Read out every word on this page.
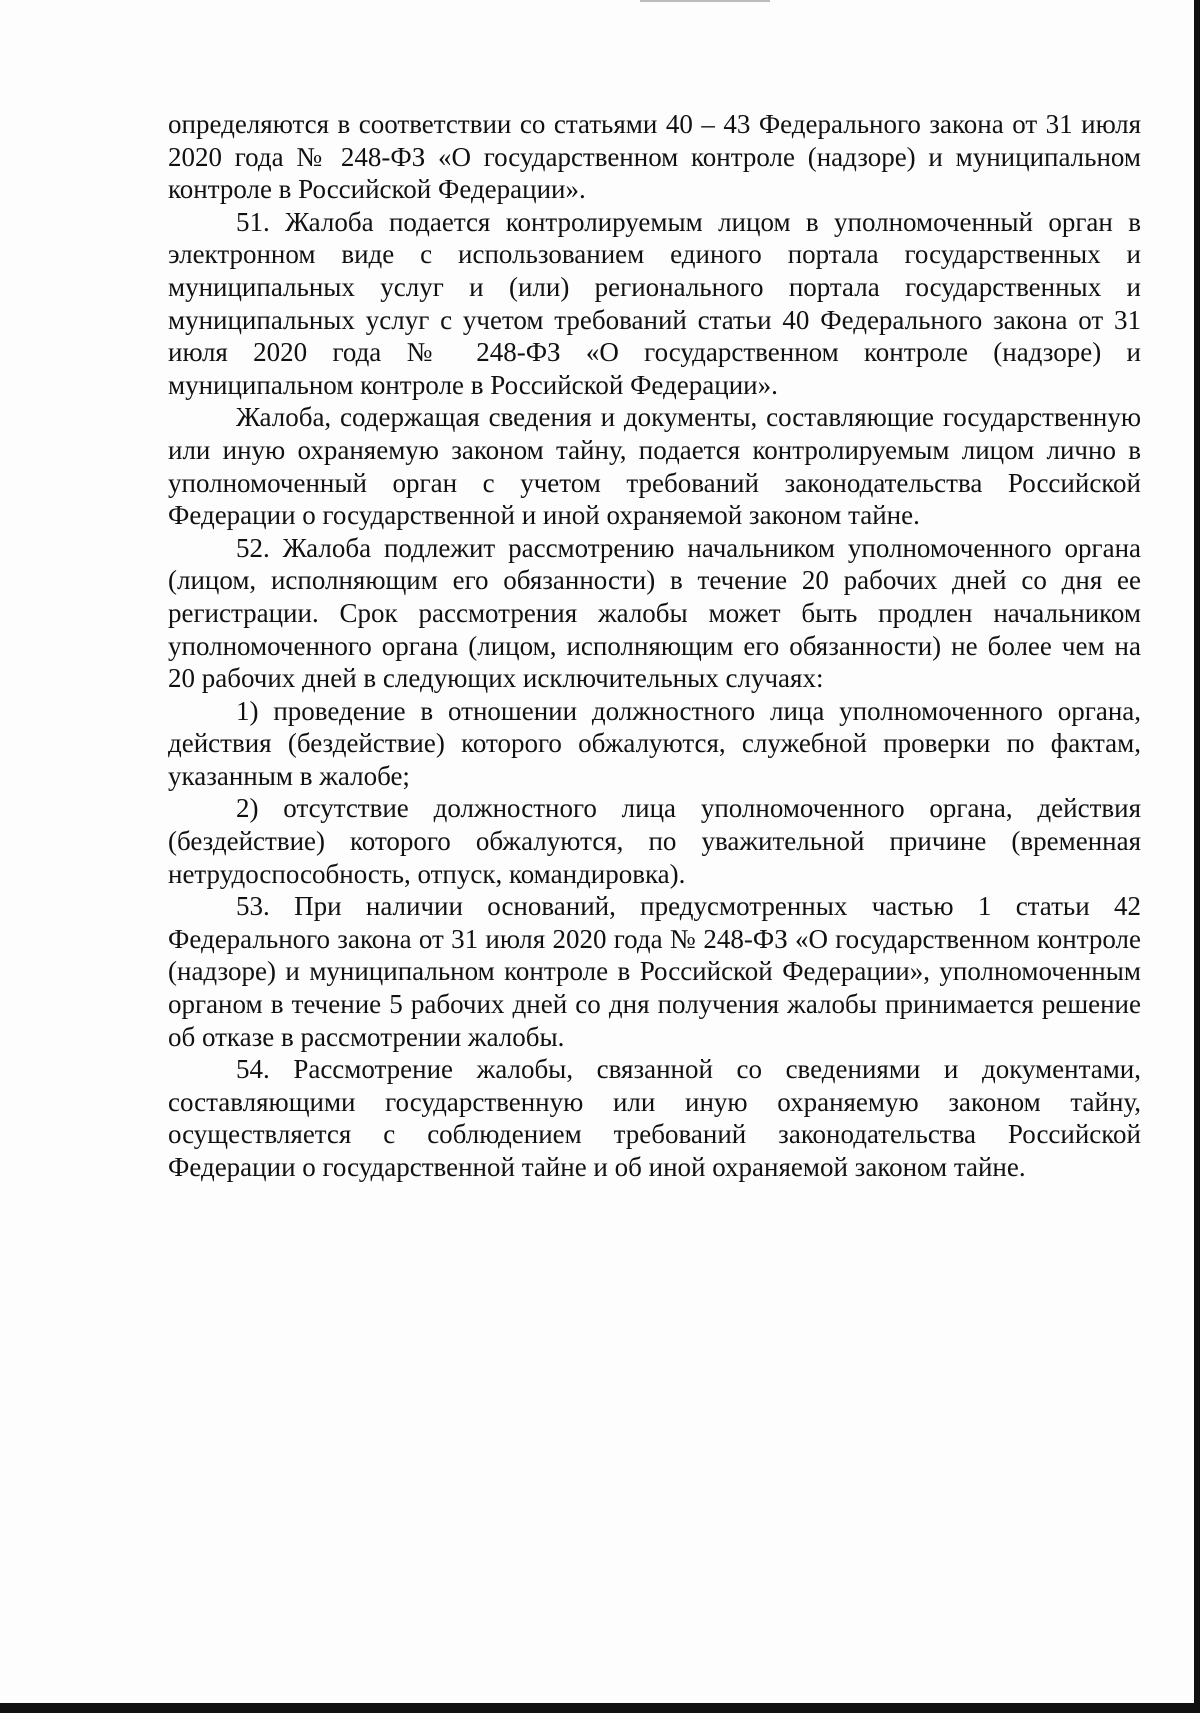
определяются в соответствии со статьями 40 – 43 Федерального закона от 31 июля 2020 года № 248-ФЗ «О государственном контроле (надзоре) и муниципальном контроле в Российской Федерации».

51. Жалоба подается контролируемым лицом в уполномоченный орган в электронном виде с использованием единого портала государственных и муниципальных услуг и (или) регионального портала государственных и муниципальных услуг с учетом требований статьи 40 Федерального закона от 31 июля 2020 года № 248-ФЗ «О государственном контроле (надзоре) и муниципальном контроле в Российской Федерации».

Жалоба, содержащая сведения и документы, составляющие государственную или иную охраняемую законом тайну, подается контролируемым лицом лично в уполномоченный орган с учетом требований законодательства Российской Федерации о государственной и иной охраняемой законом тайне.

52. Жалоба подлежит рассмотрению начальником уполномоченного органа (лицом, исполняющим его обязанности) в течение 20 рабочих дней со дня ее регистрации. Срок рассмотрения жалобы может быть продлен начальником уполномоченного органа (лицом, исполняющим его обязанности) не более чем на 20 рабочих дней в следующих исключительных случаях:

1) проведение в отношении должностного лица уполномоченного органа, действия (бездействие) которого обжалуются, служебной проверки по фактам, указанным в жалобе;

2) отсутствие должностного лица уполномоченного органа, действия (бездействие) которого обжалуются, по уважительной причине (временная нетрудоспособность, отпуск, командировка).

53. При наличии оснований, предусмотренных частью 1 статьи 42 Федерального закона от 31 июля 2020 года № 248-ФЗ «О государственном контроле (надзоре) и муниципальном контроле в Российской Федерации», уполномоченным органом в течение 5 рабочих дней со дня получения жалобы принимается решение об отказе в рассмотрении жалобы.

54. Рассмотрение жалобы, связанной со сведениями и документами, составляющими государственную или иную охраняемую законом тайну, осуществляется с соблюдением требований законодательства Российской Федерации о государственной тайне и об иной охраняемой законом тайне.
